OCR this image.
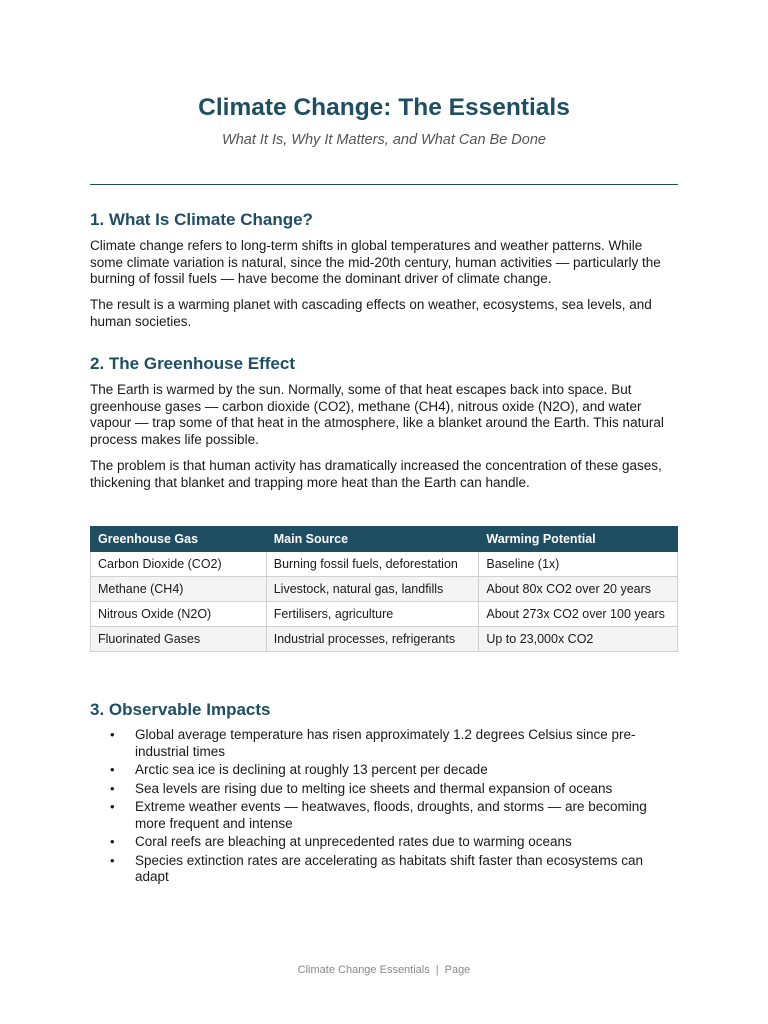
Climate Change: The Essentials
What It Is, Why It Matters, and What Can Be Done
1. What Is Climate Change?

Climate change refers to long-term shifts in global temperatures and weather patterns. While some climate variation is natural, since the mid-20th century, human activities — particularly the burning of fossil fuels — have become the dominant driver of climate change.

The result is a warming planet with cascading effects on weather, ecosystems, sea levels, and human societies.

2. The Greenhouse Effect

The Earth is warmed by the sun. Normally, some of that heat escapes back into space. But greenhouse gases — carbon dioxide (CO2), methane (CH4), nitrous oxide (N2O), and water vapour — trap some of that heat in the atmosphere, like a blanket around the Earth. This natural process makes life possible.

The problem is that human activity has dramatically increased the concentration of these gases, thickening that blanket and trapping more heat than the Earth can handle.

Greenhouse Gas	Main Source	Warming Potential
Carbon Dioxide (CO2)	Burning fossil fuels, deforestation	Baseline (1x)
Methane (CH4)	Livestock, natural gas, landfills	About 80x CO2 over 20 years
Nitrous Oxide (N2O)	Fertilisers, agriculture	About 273x CO2 over 100 years
Fluorinated Gases	Industrial processes, refrigerants	Up to 23,000x CO2
3. Observable Impacts
• Global average temperature has risen approximately 1.2 degrees Celsius since pre-industrial times
• Arctic sea ice is declining at roughly 13 percent per decade
• Sea levels are rising due to melting ice sheets and thermal expansion of oceans
• Extreme weather events — heatwaves, floods, droughts, and storms — are becoming more frequent and intense
• Coral reefs are bleaching at unprecedented rates due to warming oceans
• Species extinction rates are accelerating as habitats shift faster than ecosystems can adapt
Climate Change Essentials | Page
